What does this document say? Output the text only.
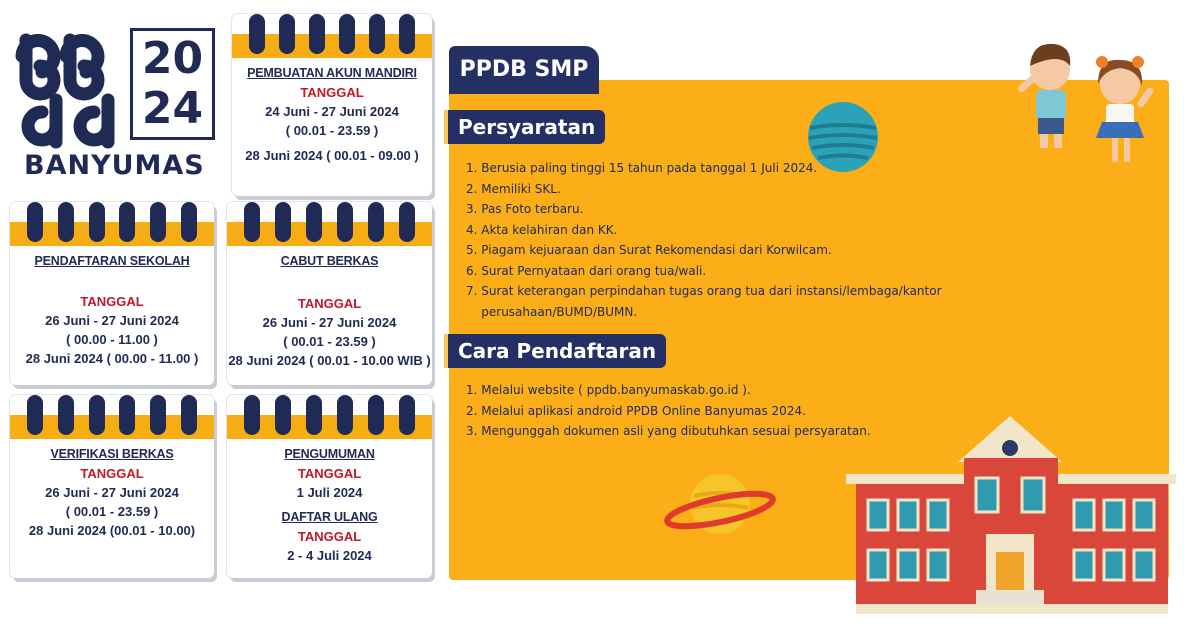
20
24
BANYUMAS
PEMBUATAN AKUN MANDIRI
TANGGAL
24 Juni - 27 Juni 2024
( 00.01 - 23.59 )
28 Juni 2024 ( 00.01 - 09.00 )
PENDAFTARAN SEKOLAH
TANGGAL
26 Juni - 27 Juni 2024
( 00.00 - 11.00 )
28 Juni 2024 ( 00.00 - 11.00 )
CABUT BERKAS
TANGGAL
26 Juni - 27 Juni 2024
( 00.01 - 23.59 )
28 Juni 2024 ( 00.01 - 10.00 WIB )
VERIFIKASI BERKAS
TANGGAL
26 Juni - 27 Juni 2024
( 00.01 - 23.59 )
28 Juni 2024 (00.01 - 10.00)
PENGUMUMAN
TANGGAL
1 Juli 2024
DAFTAR ULANG
TANGGAL
2 - 4 Juli 2024
PPDB SMP
Persyaratan
1. Berusia paling tinggi 15 tahun pada tanggal 1 Juli 2024.
2. Memiliki SKL.
3. Pas Foto terbaru.
4. Akta kelahiran dan KK.
5. Piagam kejuaraan dan Surat Rekomendasi dari Korwilcam.
6. Surat Pernyataan dari orang tua/wali.
7. Surat keterangan perpindahan tugas orang tua dari instansi/lembaga/kantor
perusahaan/BUMD/BUMN.
Cara Pendaftaran
1. Melalui website ( ppdb.banyumaskab.go.id ).
2. Melalui aplikasi android PPDB Online Banyumas 2024.
3. Mengunggah dokumen asli yang dibutuhkan sesuai persyaratan.
